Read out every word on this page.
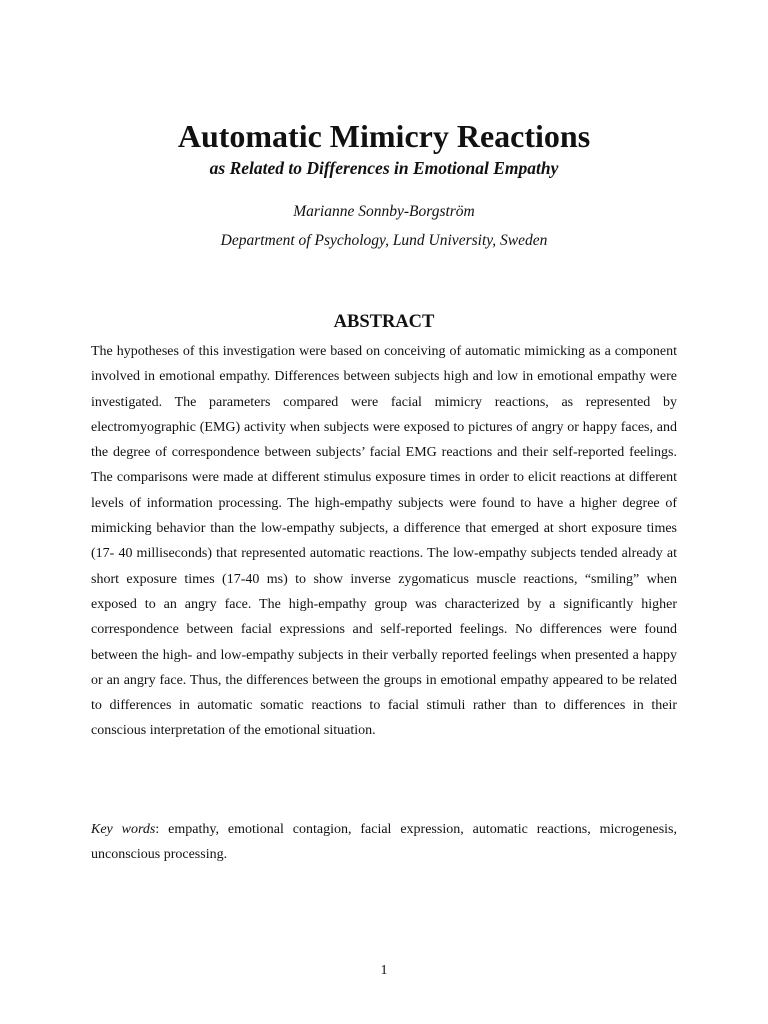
Automatic Mimicry Reactions
as Related to Differences in Emotional Empathy
Marianne Sonnby-Borgström
Department of Psychology, Lund University, Sweden
ABSTRACT
The hypotheses of this investigation were based on conceiving of automatic mimicking as a component involved in emotional empathy. Differences between subjects high and low in emotional empathy were investigated. The parameters compared were facial mimicry reactions, as represented by electromyographic (EMG) activity when subjects were exposed to pictures of angry or happy faces, and the degree of correspondence between subjects’ facial EMG reactions and their self-reported feelings. The comparisons were made at different stimulus exposure times in order to elicit reactions at different levels of information processing. The high-empathy subjects were found to have a higher degree of mimicking behavior than the low-empathy subjects, a difference that emerged at short exposure times (17- 40 milliseconds) that represented automatic reactions. The low-empathy subjects tended already at short exposure times (17-40 ms) to show inverse zygomaticus muscle reactions, “smiling” when exposed to an angry face. The high-empathy group was characterized by a significantly higher correspondence between facial expressions and self-reported feelings. No differences were found between the high- and low-empathy subjects in their verbally reported feelings when presented a happy or an angry face. Thus, the differences between the groups in emotional empathy appeared to be related to differences in automatic somatic reactions to facial stimuli rather than to differences in their conscious interpretation of the emotional situation.
Key words: empathy, emotional contagion, facial expression, automatic reactions, microgenesis, unconscious processing.
1
